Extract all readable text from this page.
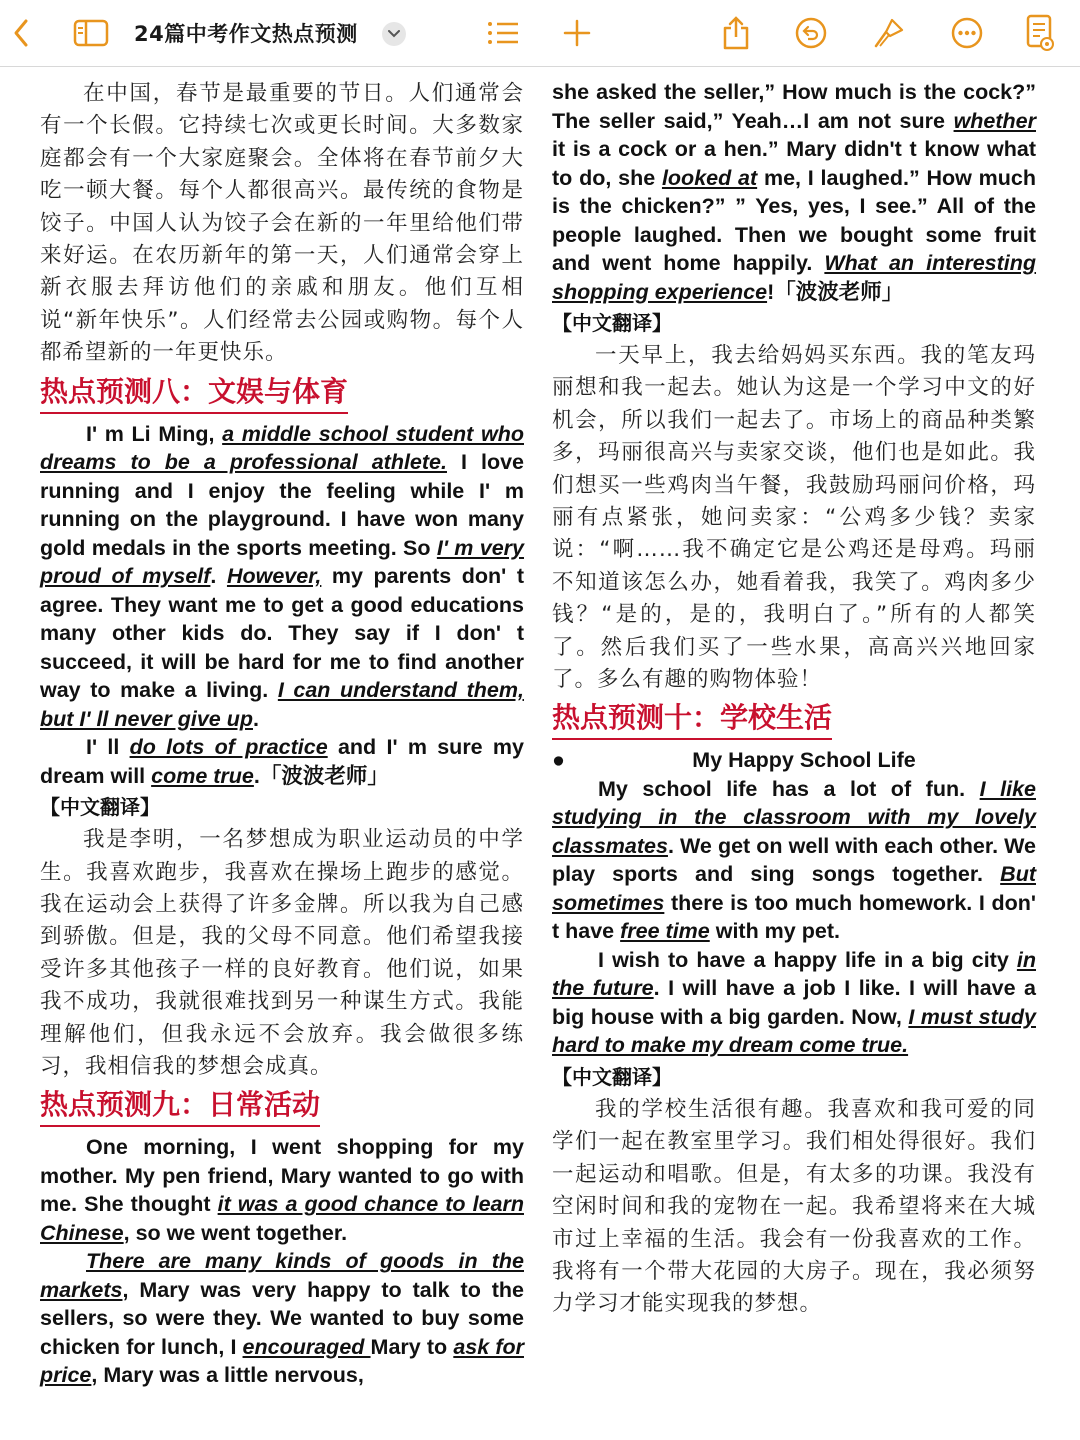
24篇中考作文热点预测

在中国，春节是最重要的节日。人们通常会有一个长假。它持续七次或更长时间。大多数家庭都会有一个大家庭聚会。全体将在春节前夕大吃一顿大餐。每个人都很高兴。最传统的食物是饺子。中国人认为饺子会在新的一年里给他们带来好运。在农历新年的第一天，人们通常会穿上新衣服去拜访他们的亲戚和朋友。他们互相说“新年快乐”。人们经常去公园或购物。每个人都希望新的一年更快乐。

热点预测八：文娱与体育

I' m Li Ming, a middle school student who dreams to be a professional athlete. I love running and I enjoy the feeling while I' m running on the playground. I have won many gold medals in the sports meeting. So I' m very proud of myself. However, my parents don' t agree. They want me to get a good educations many other kids do. They say if I don' t succeed, it will be hard for me to find another way to make a living. I can understand them, but I' ll never give up.

I' ll do lots of practice and I' m sure my dream will come true.「波波老师」

【中文翻译】

我是李明，一名梦想成为职业运动员的中学生。我喜欢跑步，我喜欢在操场上跑步的感觉。我在运动会上获得了许多金牌。所以我为自己感到骄傲。但是，我的父母不同意。他们希望我接受许多其他孩子一样的良好教育。他们说，如果我不成功，我就很难找到另一种谋生方式。我能理解他们，但我永远不会放弃。我会做很多练习，我相信我的梦想会成真。

热点预测九：日常活动

One morning, I went shopping for my mother. My pen friend, Mary wanted to go with me. She thought it was a good chance to learn Chinese, so we went together.

There are many kinds of goods in the markets, Mary was very happy to talk to the sellers, so were they. We wanted to buy some chicken for lunch, I encouraged Mary to ask for price, Mary was a little nervous,

she asked the seller,” How much is the cock?” The seller said,” Yeah…I am not sure whether it is a cock or a hen.” Mary didn't t know what to do, she looked at me, I laughed.” How much is the chicken?” ” Yes, yes, I see.” All of the people laughed. Then we bought some fruit and went home happily. What an interesting shopping experience!「波波老师」

【中文翻译】

一天早上，我去给妈妈买东西。我的笔友玛丽想和我一起去。她认为这是一个学习中文的好机会，所以我们一起去了。市场上的商品种类繁多，玛丽很高兴与卖家交谈，他们也是如此。我们想买一些鸡肉当午餐，我鼓励玛丽问价格，玛丽有点紧张，她问卖家：“公鸡多少钱？卖家说：“啊……我不确定它是公鸡还是母鸡。玛丽不知道该怎么办，她看着我，我笑了。鸡肉多少钱？“是的，是的，我明白了。”所有的人都笑了。然后我们买了一些水果，高高兴兴地回家了。多么有趣的购物体验！

热点预测十：学校生活
●	My Happy School Life

My school life has a lot of fun. I like studying in the classroom with my lovely classmates. We get on well with each other. We play sports and sing songs together. But sometimes there is too much homework. I don' t have free time with my pet.

I wish to have a happy life in a big city in the future. I will have a job I like. I will have a big house with a big garden. Now, I must study hard to make my dream come true.

【中文翻译】

我的学校生活很有趣。我喜欢和我可爱的同学们一起在教室里学习。我们相处得很好。我们一起运动和唱歌。但是，有太多的功课。我没有空闲时间和我的宠物在一起。我希望将来在大城市过上幸福的生活。我会有一份我喜欢的工作。我将有一个带大花园的大房子。现在，我必须努力学习才能实现我的梦想。
